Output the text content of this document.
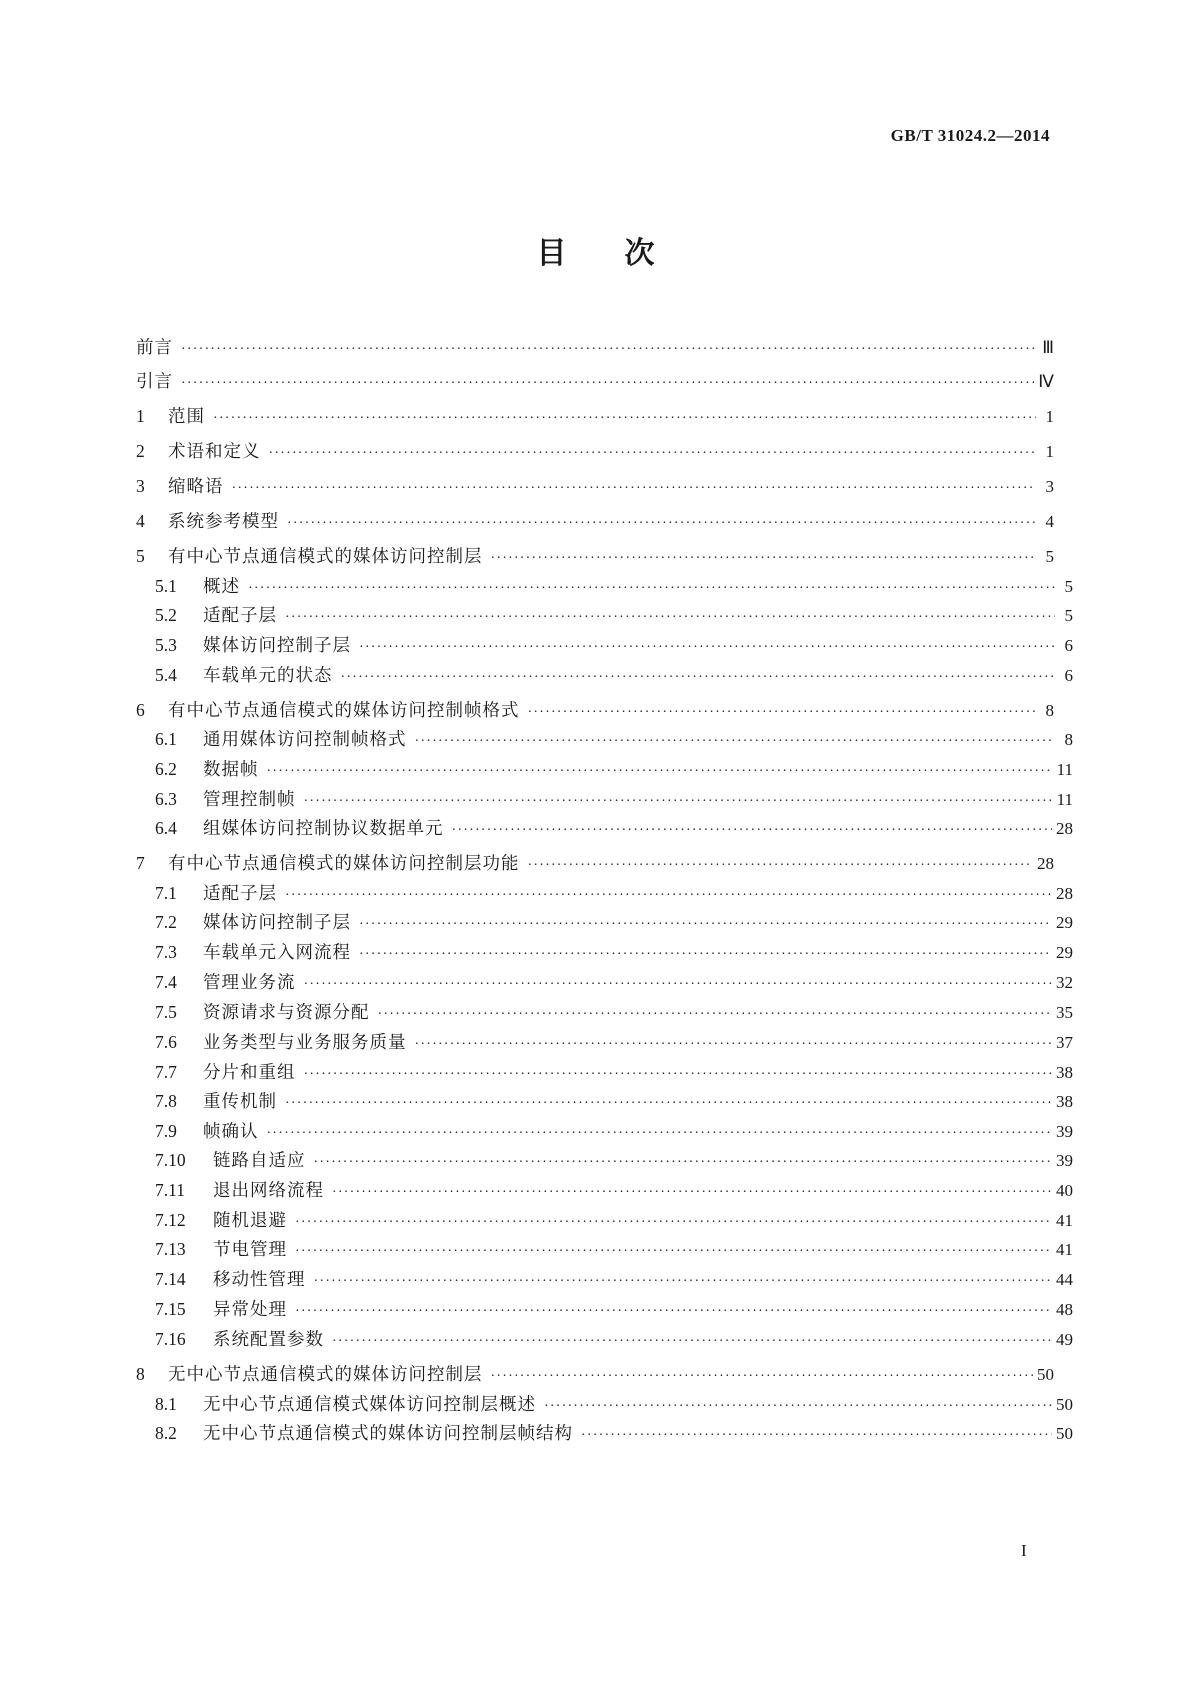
GB/T 31024.2—2014
目次
前言 ·····	Ⅲ
引言 ·····	Ⅳ
1	范围 ·····	1
2	术语和定义 ·····	1
3	缩略语 ·····	3
4	系统参考模型 ·····	4
5	有中心节点通信模式的媒体访问控制层 ·····	5
5.1	概述 ·····	5
5.2	适配子层 ·····	5
5.3	媒体访问控制子层 ·····	6
5.4	车载单元的状态 ·····	6
6	有中心节点通信模式的媒体访问控制帧格式 ·····	8
6.1	通用媒体访问控制帧格式 ·····	8
6.2	数据帧 ·····	11
6.3	管理控制帧 ·····	11
6.4	组媒体访问控制协议数据单元 ·····	28
7	有中心节点通信模式的媒体访问控制层功能 ·····	28
7.1	适配子层 ·····	28
7.2	媒体访问控制子层 ·····	29
7.3	车载单元入网流程 ·····	29
7.4	管理业务流 ·····	32
7.5	资源请求与资源分配 ·····	35
7.6	业务类型与业务服务质量 ·····	37
7.7	分片和重组 ·····	38
7.8	重传机制 ·····	38
7.9	帧确认 ·····	39
7.10	链路自适应 ·····	39
7.11	退出网络流程 ·····	40
7.12	随机退避 ·····	41
7.13	节电管理 ·····	41
7.14	移动性管理 ·····	44
7.15	异常处理 ·····	48
7.16	系统配置参数 ·····	49
8	无中心节点通信模式的媒体访问控制层 ·····	50
8.1	无中心节点通信模式媒体访问控制层概述 ·····	50
8.2	无中心节点通信模式的媒体访问控制层帧结构 ·····	50
I
